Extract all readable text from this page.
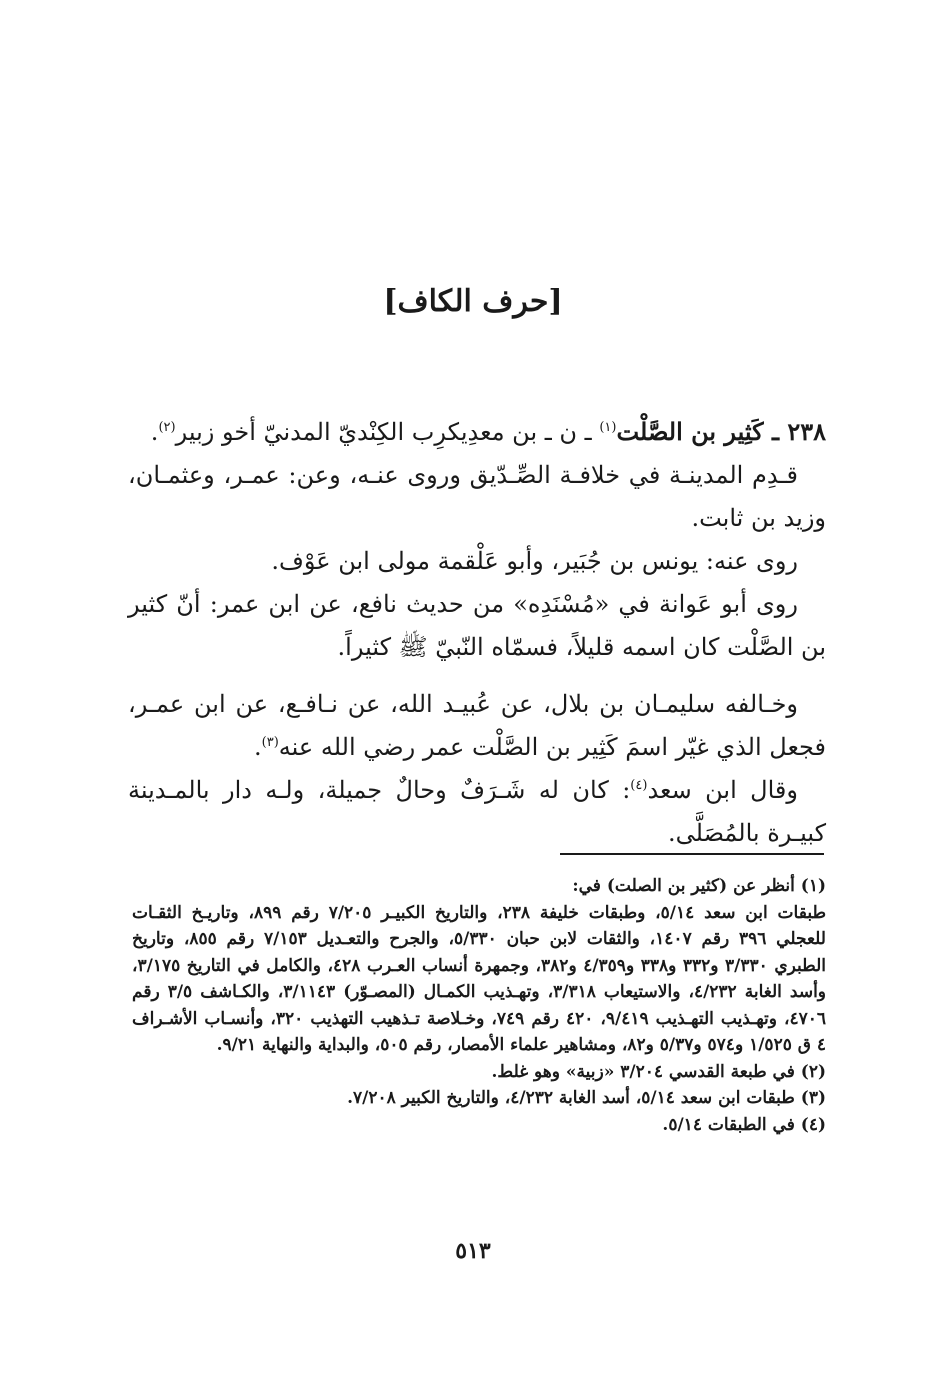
[حرف الكاف]

٢٣٨ ـ كَثِير بن الصَّلْت$^{(١)}$ ـ ن ـ بن معدِيكرِب الكِنْديّ المدنيّ أخو زبير$^{(٢)}$.

قـدِم المدينـة في خلافـة الصِّـدّيق وروى عنـه، وعن: عمـر، وعثمـان، وزيد بن ثابت.

روى عنه: يونس بن جُبَير، وأبو عَلْقمة مولى ابن عَوْف.

روى أبو عَوانة في «مُسْنَدِه» من حديث نافع، عن ابن عمر: أنّ كثير بن الصَّلْت كان اسمه قليلاً، فسمّاه النّبيّ ﷺ كثيراً.

وخـالفه سليمـان بن بلال، عن عُبيـد الله، عن نـافـع، عن ابن عمـر، فجعل الذي غيّر اسمَ كَثِير بن الصَّلْت عمر رضي الله عنه$^{(٣)}$.

وقال ابن سعد$^{(٤)}$: كان له شَـرَفٌ وحالٌ جميلة، ولـه دار بالمـدينة كبيـرة بالمُصَلَّى.

(١) أنظر عن (كثير بن الصلت) في:

طبقات ابن سعد ٥/١٤، وطبقات خليفة ٢٣٨، والتاريخ الكبيـر ٧/٢٠٥ رقم ٨٩٩، وتاريـخ الثقـات للعجلي ٣٩٦ رقم ١٤٠٧، والثقات لابن حبان ٥/٣٣٠، والجرح والتعـديل ٧/١٥٣ رقم ٨٥٥، وتاريخ الطبري ٣/٣٣٠ و٣٣٢ و٣٣٨ و٤/٣٥٩ و٣٨٢، وجمهرة أنساب العـرب ٤٢٨، والكامل في التاريخ ٣/١٧٥، وأسد الغابة ٤/٢٣٢، والاستيعاب ٣/٣١٨، وتهـذيب الكمـال (المصـوّر) ٣/١١٤٣، والكـاشف ٣/٥ رقم ٤٧٠٦، وتهـذيب التهـذيب ٩/٤١٩، ٤٢٠ رقم ٧٤٩، وخـلاصة تـذهيب التهذيب ٣٢٠، وأنسـاب الأشـراف ٤ ق ١/٥٢٥ و٥٧٤ و٥/٣٧ و٨٢، ومشاهير علماء الأمصار، رقم ٥٠٥، والبداية والنهاية ٩/٢١.

(٢) في طبعة القدسي ٣/٢٠٤ «زبية» وهو غلط.

(٣) طبقات ابن سعد ٥/١٤، أسد الغابة ٤/٢٣٢، والتاريخ الكبير ٧/٢٠٨.

(٤) في الطبقات ٥/١٤.

٥١٣
